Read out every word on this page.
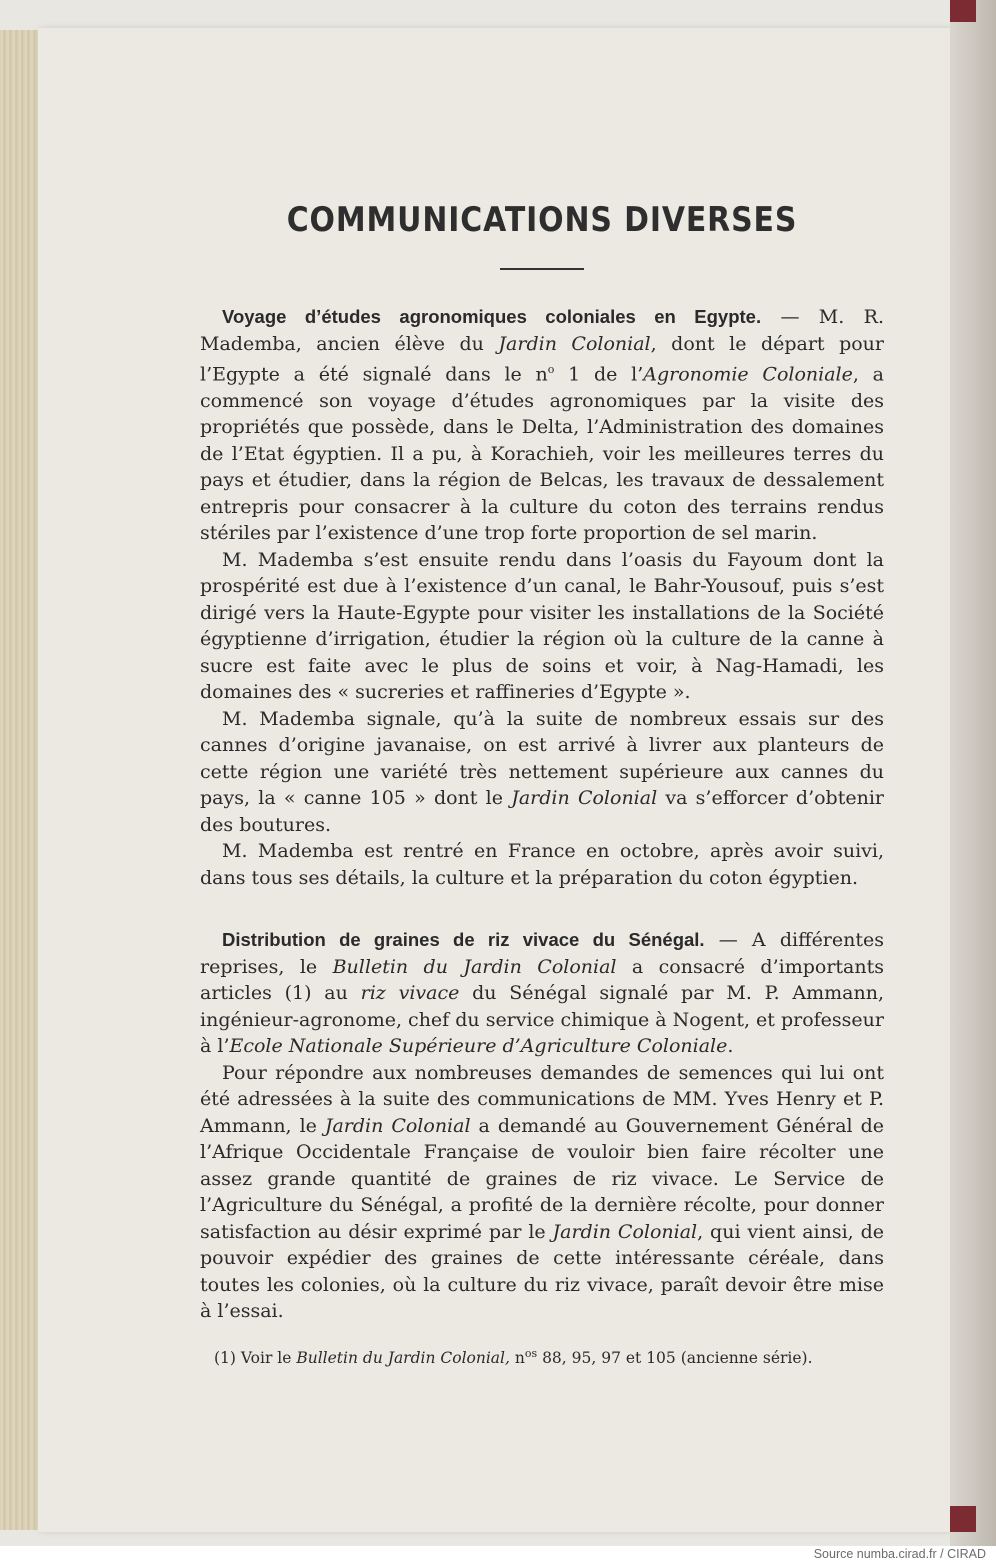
COMMUNICATIONS DIVERSES

Voyage d’études agronomiques coloniales en Egypte. — M. R. Mademba, ancien élève du Jardin Colonial, dont le départ pour l’Egypte a été signalé dans le $n^o$ 1 de l’Agronomie Coloniale, a commencé son voyage d’études agronomiques par la visite des propriétés que possède, dans le Delta, l’Administration des domaines de l’Etat égyptien. Il a pu, à Korachieh, voir les meilleures terres du pays et étudier, dans la région de Belcas, les travaux de dessalement entrepris pour consacrer à la culture du coton des terrains rendus stériles par l’existence d’une trop forte proportion de sel marin.

M. Mademba s’est ensuite rendu dans l’oasis du Fayoum dont la prospérité est due à l’existence d’un canal, le Bahr-Yousouf, puis s’est dirigé vers la Haute-Egypte pour visiter les installations de la Société égyptienne d’irrigation, étudier la région où la culture de la canne à sucre est faite avec le plus de soins et voir, à Nag-Hamadi, les domaines des « sucreries et raffineries d’Egypte ».

M. Mademba signale, qu’à la suite de nombreux essais sur des cannes d’origine javanaise, on est arrivé à livrer aux planteurs de cette région une variété très nettement supérieure aux cannes du pays, la « canne 105 » dont le Jardin Colonial va s’efforcer d’obtenir des boutures.

M. Mademba est rentré en France en octobre, après avoir suivi, dans tous ses détails, la culture et la préparation du coton égyptien.

Distribution de graines de riz vivace du Sénégal. — A différentes reprises, le Bulletin du Jardin Colonial a consacré d’importants articles (1) au riz vivace du Sénégal signalé par M. P. Ammann, ingénieur-agronome, chef du service chimique à Nogent, et professeur à l’Ecole Nationale Supérieure d’Agriculture Coloniale.

Pour répondre aux nombreuses demandes de semences qui lui ont été adressées à la suite des communications de MM. Yves Henry et P. Ammann, le Jardin Colonial a demandé au Gouvernement Général de l’Afrique Occidentale Française de vouloir bien faire récolter une assez grande quantité de graines de riz vivace. Le Service de l’Agriculture du Sénégal, a profité de la dernière récolte, pour donner satisfaction au désir exprimé par le Jardin Colonial, qui vient ainsi, de pouvoir expédier des graines de cette intéressante céréale, dans toutes les colonies, où la culture du riz vivace, paraît devoir être mise à l’essai.

(1) Voir le Bulletin du Jardin Colonial, $n^{os}$ 88, 95, 97 et 105 (ancienne série).
Source numba.cirad.fr / CIRAD
